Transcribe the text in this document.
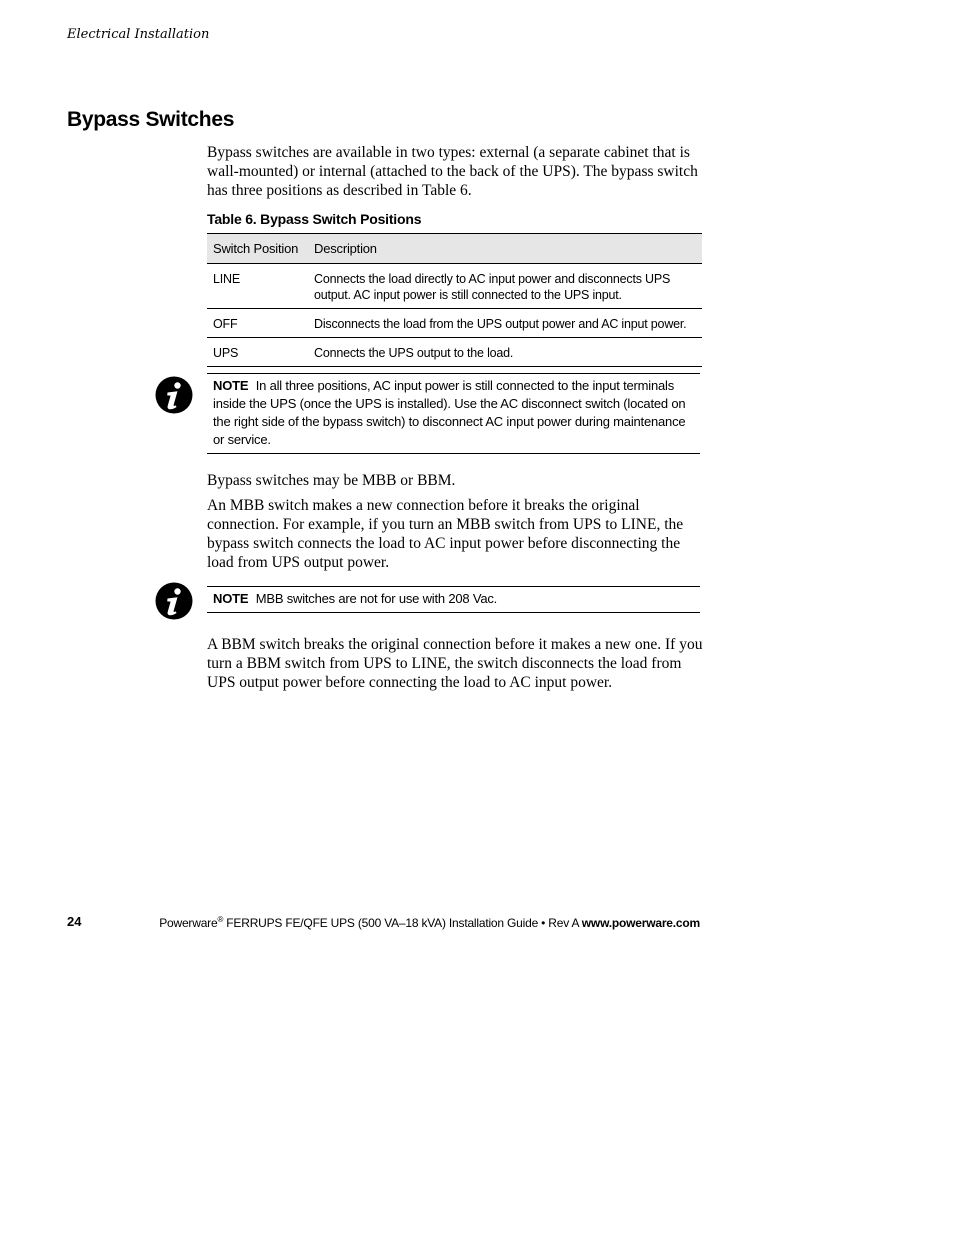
Electrical Installation
Bypass Switches

Bypass switches are available in two types: external (a separate cabinet that is wall-mounted) or internal (attached to the back of the UPS). The bypass switch has three positions as described in Table 6.

Table 6. Bypass Switch Positions

Switch Position	Description
LINE	Connects the load directly to AC input power and disconnects UPS output. AC input power is still connected to the UPS input.
OFF	Disconnects the load from the UPS output power and AC input power.
UPS	Connects the UPS output to the load.
NOTE In all three positions, AC input power is still connected to the input terminals inside the UPS (once the UPS is installed). Use the AC disconnect switch (located on the right side of the bypass switch) to disconnect AC input power during maintenance or service.

Bypass switches may be MBB or BBM.

An MBB switch makes a new connection before it breaks the original connection. For example, if you turn an MBB switch from UPS to LINE, the bypass switch connects the load to AC input power before disconnecting the load from UPS output power.

NOTE MBB switches are not for use with 208 Vac.

A BBM switch breaks the original connection before it makes a new one. If you turn a BBM switch from UPS to LINE, the switch disconnects the load from UPS output power before connecting the load to AC input power.

24	Powerware® FERRUPS FE/QFE UPS (500 VA–18 kVA) Installation Guide • Rev A www.powerware.com
